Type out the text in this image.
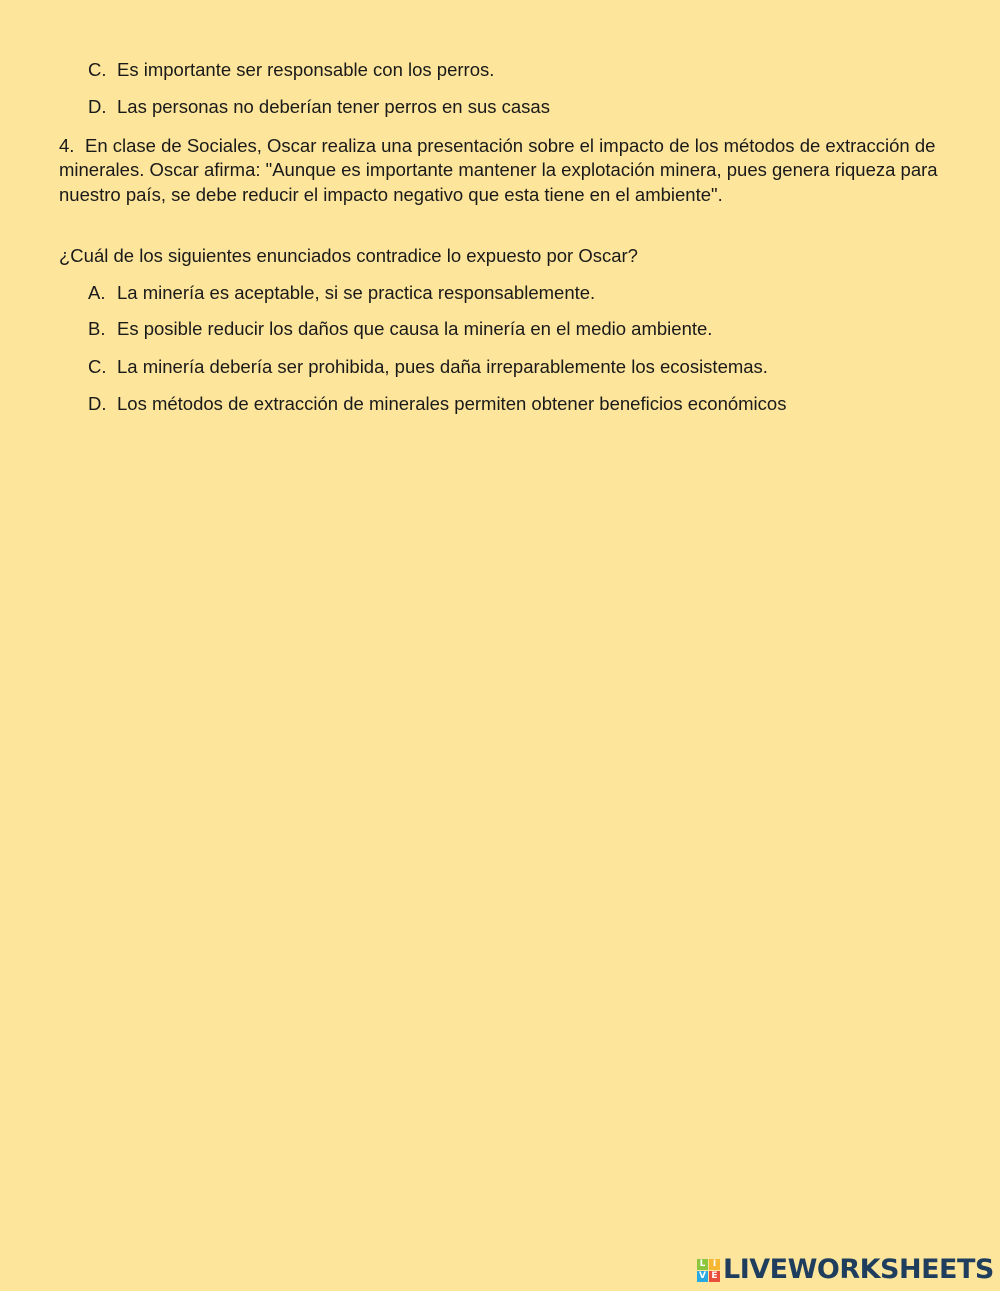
C. Es importante ser responsable con los perros.
D. Las personas no deberían tener perros en sus casas
4. En clase de Sociales, Oscar realiza una presentación sobre el impacto de los métodos de extracción de minerales. Oscar afirma: "Aunque es importante mantener la explotación minera, pues genera riqueza para nuestro país, se debe reducir el impacto negativo que esta tiene en el ambiente".
¿Cuál de los siguientes enunciados contradice lo expuesto por Oscar?
A. La minería es aceptable, si se practica responsablemente.
B. Es posible reducir los daños que causa la minería en el medio ambiente.
C. La minería debería ser prohibida, pues daña irreparablemente los ecosistemas.
D. Los métodos de extracción de minerales permiten obtener beneficios económicos
L I
V E LIVEWORKSHEETS
